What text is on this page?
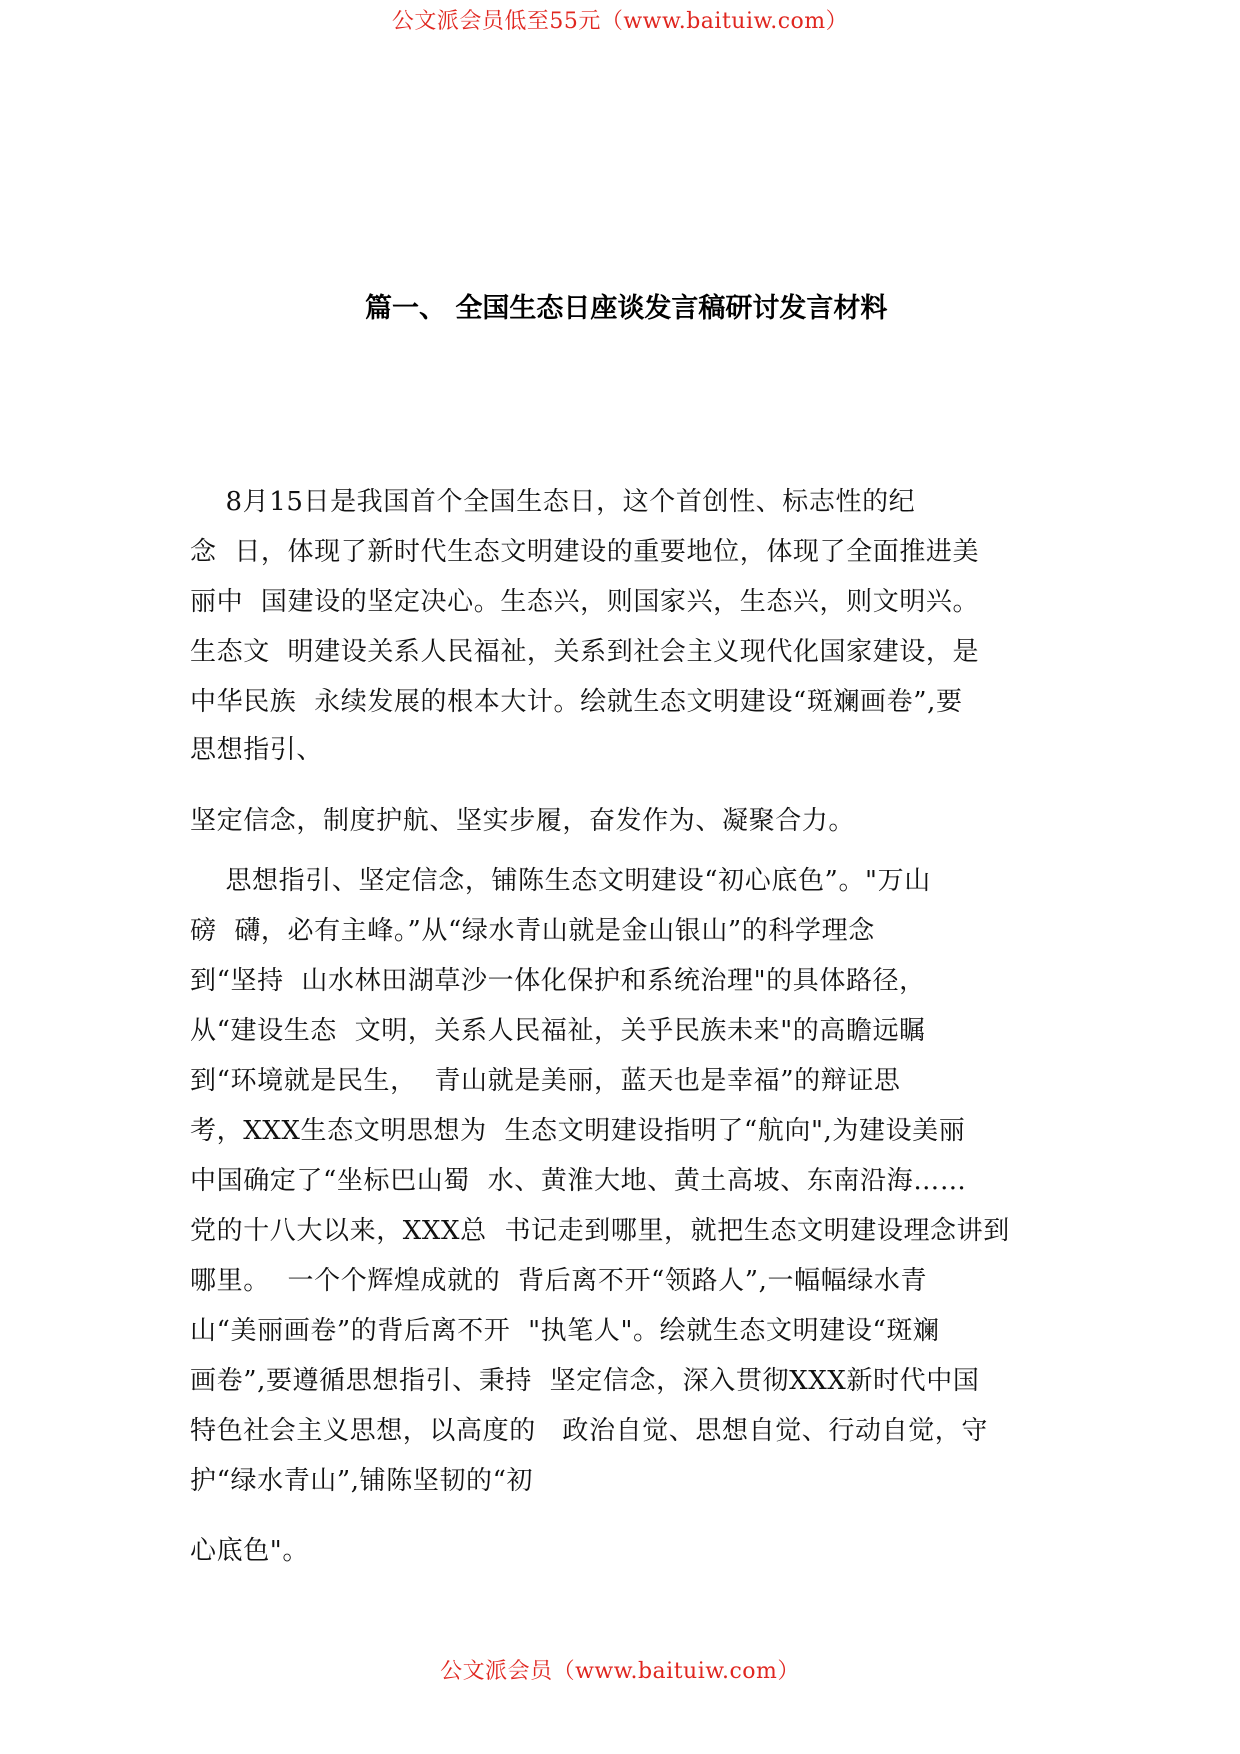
公文派会员低至55元（www.baituiw.com）
篇一、 全国生态日座谈发言稿研讨发言材料
8月15日是我国首个全国生态日，这个首创性、标志性的纪
念  日，体现了新时代生态文明建设的重要地位，体现了全面推进美
丽中  国建设的坚定决心。生态兴，则国家兴，生态兴，则文明兴。
生态文  明建设关系人民福祉，关系到社会主义现代化国家建设，是
中华民族  永续发展的根本大计。绘就生态文明建设“斑斓画卷”,要
思想指引、
坚定信念，制度护航、坚实步履，奋发作为、凝聚合力。
思想指引、坚定信念，铺陈生态文明建设“初心底色”。"万山
磅  礴，必有主峰。”从“绿水青山就是金山银山”的科学理念
到“坚持  山水林田湖草沙一体化保护和系统治理"的具体路径，
从“建设生态  文明，关系人民福祉，关乎民族未来"的高瞻远瞩
到“环境就是民生，  青山就是美丽，蓝天也是幸福”的辩证思
考，XXX生态文明思想为  生态文明建设指明了“航向",为建设美丽
中国确定了“坐标巴山蜀  水、黄淮大地、黄土高坡、东南沿海……
党的十八大以来，XXX总  书记走到哪里，就把生态文明建设理念讲到
哪里。  一个个辉煌成就的  背后离不开“领路人”,一幅幅绿水青
山“美丽画卷”的背后离不开  "执笔人"。绘就生态文明建设“斑斓
画卷”,要遵循思想指引、秉持  坚定信念，深入贯彻XXX新时代中国
特色社会主义思想，以高度的   政治自觉、思想自觉、行动自觉，守
护“绿水青山”,铺陈坚韧的“初
心底色"。
公文派会员（www.baituiw.com）
